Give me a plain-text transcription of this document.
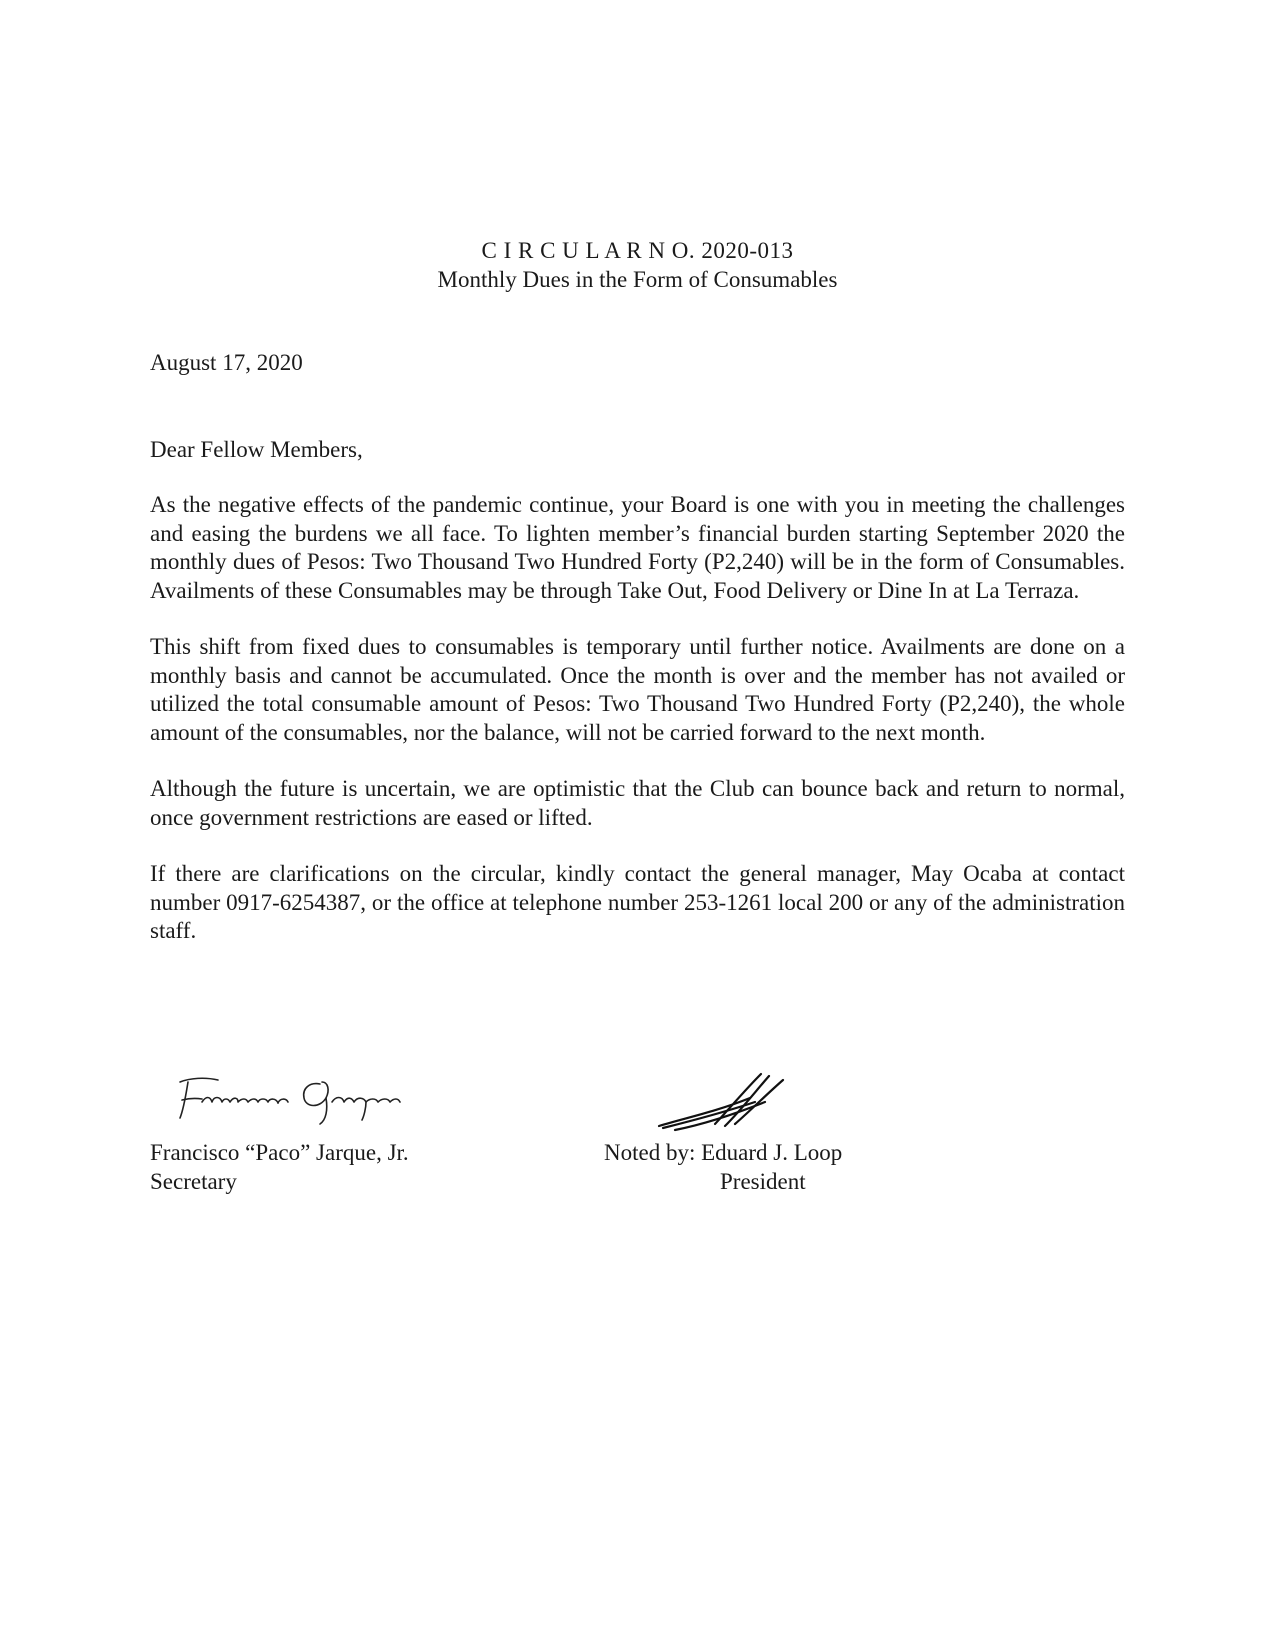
C I R C U L A R N O. 2020-013
Monthly Dues in the Form of Consumables
August 17, 2020
Dear Fellow Members,

As the negative effects of the pandemic continue, your Board is one with you in meeting the challenges and easing the burdens we all face. To lighten member’s financial burden starting September 2020 the monthly dues of Pesos: Two Thousand Two Hundred Forty (P2,240) will be in the form of Consumables. Availments of these Consumables may be through Take Out, Food Delivery or Dine In at La Terraza.

This shift from fixed dues to consumables is temporary until further notice. Availments are done on a monthly basis and cannot be accumulated. Once the month is over and the member has not availed or utilized the total consumable amount of Pesos: Two Thousand Two Hundred Forty (P2,240), the whole amount of the consumables, nor the balance, will not be carried forward to the next month.

Although the future is uncertain, we are optimistic that the Club can bounce back and return to normal, once government restrictions are eased or lifted.

If there are clarifications on the circular, kindly contact the general manager, May Ocaba at contact number 0917-6254387, or the office at telephone number 253-1261 local 200 or any of the administration staff.

Francisco “Paco” Jarque, Jr.
Secretary
Noted by: Eduard J. Loop
President
